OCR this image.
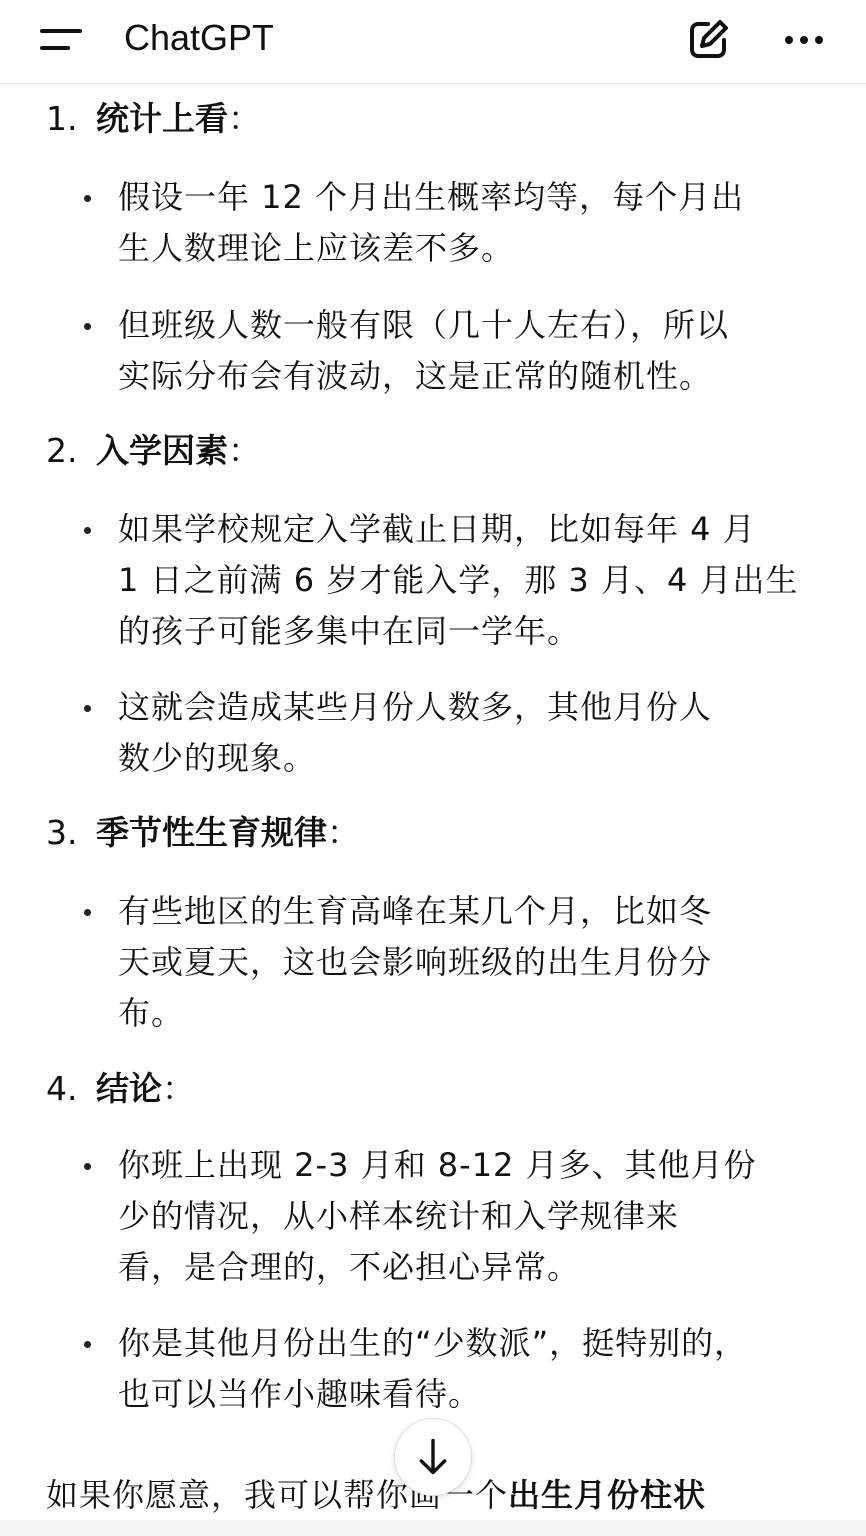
ChatGPT
1. 统计上看：
假设一年 12 个月出生概率均等，每个月出
生人数理论上应该差不多。
但班级人数一般有限（几十人左右），所以
实际分布会有波动，这是正常的随机性。
2. 入学因素：
如果学校规定入学截止日期，比如每年 4 月
1 日之前满 6 岁才能入学，那 3 月、4 月出生
的孩子可能多集中在同一学年。
这就会造成某些月份人数多，其他月份人
数少的现象。
3. 季节性生育规律：
有些地区的生育高峰在某几个月，比如冬
天或夏天，这也会影响班级的出生月份分
布。
4. 结论：
你班上出现 2-3 月和 8-12 月多、其他月份
少的情况，从小样本统计和入学规律来
看，是合理的，不必担心异常。
你是其他月份出生的“少数派”，挺特别的，
也可以当作小趣味看待。
如果你愿意，我可以帮你画一个出生月份柱状
